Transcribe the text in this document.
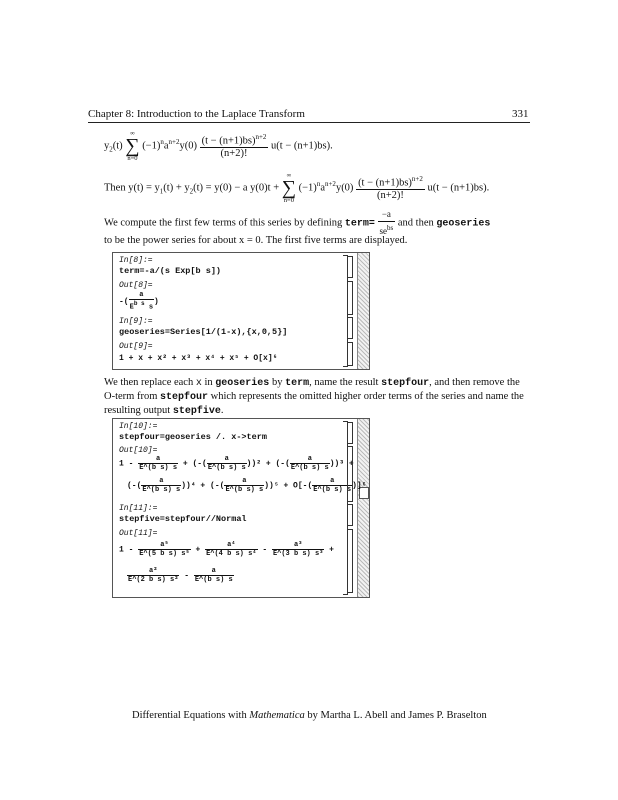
Chapter 8: Introduction to the Laplace Transform	331
$y_2(t)$
∞
∑
n=0
$(-1)^na^{n+2}y(0) \frac{(t - (n+1)bs)^{n+2}}{(n+2)!} u(t - (n+1)bs)$.
Then $y(t) = y_1(t) + y_2(t) = y(0) - a$ y(0)t +
∞
∑
n=0
$(-1)^na^{n+2}y(0) \frac{(t - (n+1)bs)^{n+2}}{(n+2)!} u(t - (n+1)bs)$.
We compute the first few terms of this series by defining term= $\frac{-a}{se^{bs}}$ and then geoseries
to be the power series for about x = 0. The first five terms are displayed.
In[8]:=
term=-a/(s Exp[b s])
Out[8]=
-( $\frac{a}{E^{b s} s}$ )
In[9]:=
geoseries=Series[1/(1-x),{x,0,5}]
Out[9]=
1 + x + x² + x³ + x⁴ + x⁵ + O[x]⁶
We then replace each x in geoseries by term, name the result stepfour, and then remove the
O-term from stepfour which represents the omitted higher order terms of the series and name the
resulting output stepfive.
In[10]:=
stepfour=geoseries /. x->term
Out[10]=
$1 - \frac{a}{\text{E\textasciicircum{}(b s) s}}$ + (-( $\frac{a}{\text{E\textasciicircum{}(b s) s}} ))^2$ + (-( $\frac{a}{\text{E\textasciicircum{}(b s) s}} ))^3$ +
(-( $\frac{a}{\text{E\textasciicircum{}(b s) s}} ))^4$ + (-( $\frac{a}{\text{E\textasciicircum{}(b s) s}} ))^5 + O[-( \frac{a}{\text{E\textasciicircum{}(b s) s}} )]^6$
In[11]:=
stepfive=stepfour//Normal
Out[11]=
$1 - \frac{\text{a⁵}}{\text{E\textasciicircum{}(5 b s) s⁵}} + \frac{\text{a⁴}}{\text{E\textasciicircum{}(4 b s) s⁴}} - \frac{\text{a³}}{\text{E\textasciicircum{}(3 b s) s³}}$ +
$\frac{\text{a²}}{\text{E\textasciicircum{}(2 b s) s²}} - \frac{a}{\text{E\textasciicircum{}(b s) s}}$
Differential Equations with Mathematica by Martha L. Abell and James P. Braselton
